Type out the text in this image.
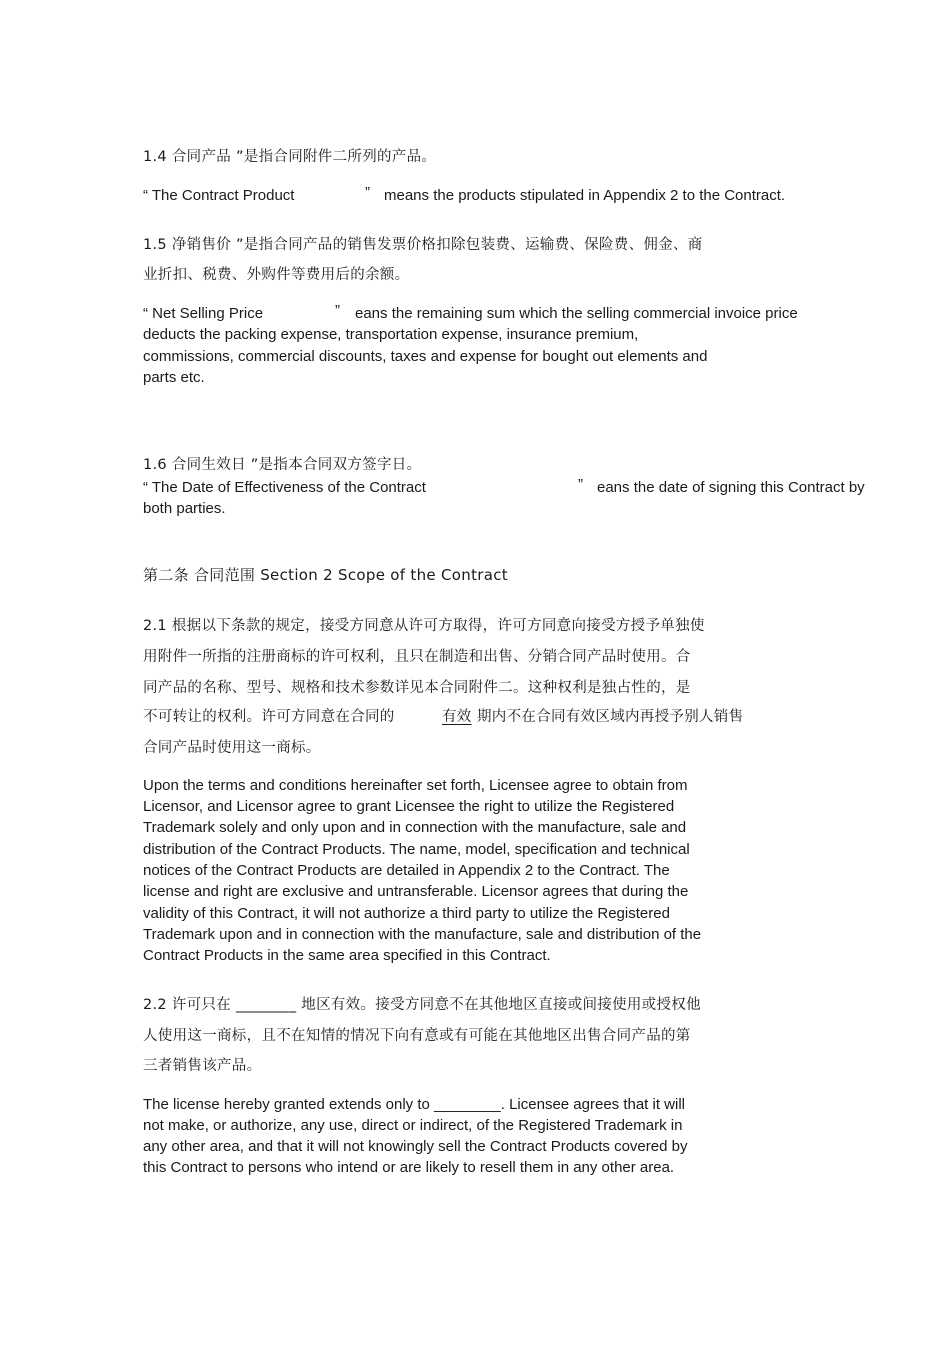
1.4 合同产品 ”是指合同附件二所列的产品。
“ The Contract Product	” means the products stipulated in Appendix 2 to the Contract.
1.5 净销售价 ”是指合同产品的销售发票价格扣除包装费、运输费、保险费、佣金、商
业折扣、税费、外购件等费用后的余额。
“ Net Selling Price	” eans the remaining sum which the selling commercial invoice price
deducts the packing expense, transportation expense, insurance premium,
commissions, commercial discounts, taxes and expense for bought out elements and
parts etc.
1.6 合同生效日 ”是指本合同双方签字日。
“ The Date of Effectiveness of the Contract	” eans the date of signing this Contract by
both parties.
第二条 合同范围 Section 2 Scope of the Contract
2.1 根据以下条款的规定，接受方同意从许可方取得，许可方同意向接受方授予单独使
用附件一所指的注册商标的许可权利，且只在制造和出售、分销合同产品时使用。合
同产品的名称、型号、规格和技术参数详见本合同附件二。这种权利是独占性的，是
不可转让的权利。许可方同意在合同的	有效 期内不在合同有效区域内再授予别人销售
合同产品时使用这一商标。
Upon the terms and conditions hereinafter set forth, Licensee agree to obtain from
Licensor, and Licensor agree to grant Licensee the right to utilize the Registered
Trademark solely and only upon and in connection with the manufacture, sale and
distribution of the Contract Products. The name, model, specification and technical
notices of the Contract Products are detailed in Appendix 2 to the Contract. The
license and right are exclusive and untransferable. Licensor agrees that during the
validity of this Contract, it will not authorize a third party to utilize the Registered
Trademark upon and in connection with the manufacture, sale and distribution of the
Contract Products in the same area specified in this Contract.
2.2 许可只在 ________ 地区有效。接受方同意不在其他地区直接或间接使用或授权他
人使用这一商标，且不在知情的情况下向有意或有可能在其他地区出售合同产品的第
三者销售该产品。
The license hereby granted extends only to ________. Licensee agrees that it will
not make, or authorize, any use, direct or indirect, of the Registered Trademark in
any other area, and that it will not knowingly sell the Contract Products covered by
this Contract to persons who intend or are likely to resell them in any other area.
